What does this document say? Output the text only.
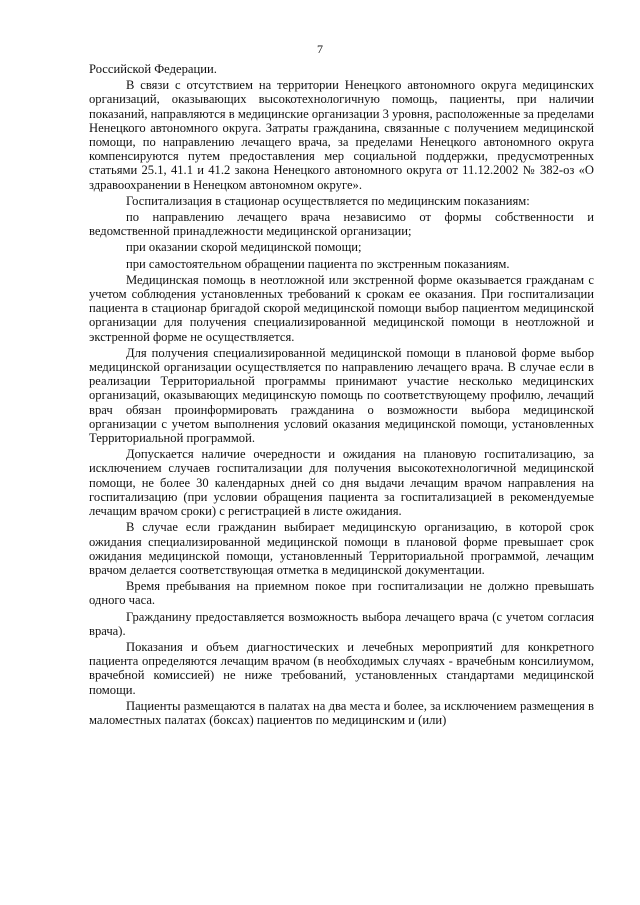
7

Российской Федерации.

В связи с отсутствием на территории Ненецкого автономного округа медицинских организаций, оказывающих высокотехнологичную помощь, пациенты, при наличии показаний, направляются в медицинские организации 3 уровня, расположенные за пределами Ненецкого автономного округа. Затраты гражданина, связанные с получением медицинской помощи, по направлению лечащего врача, за пределами Ненецкого автономного округа компенсируются путем предоставления мер социальной поддержки, предусмотренных статьями 25.1, 41.1 и 41.2 закона Ненецкого автономного округа от 11.12.2002 № 382-оз «О здравоохранении в Ненецком автономном округе».

Госпитализация в стационар осуществляется по медицинским показаниям:

по направлению лечащего врача независимо от формы собственности и ведомственной принадлежности медицинской организации;

при оказании скорой медицинской помощи;

при самостоятельном обращении пациента по экстренным показаниям.

Медицинская помощь в неотложной или экстренной форме оказывается гражданам с учетом соблюдения установленных требований к срокам ее оказания. При госпитализации пациента в стационар бригадой скорой медицинской помощи выбор пациентом медицинской организации для получения специализированной медицинской помощи в неотложной и экстренной форме не осуществляется.

Для получения специализированной медицинской помощи в плановой форме выбор медицинской организации осуществляется по направлению лечащего врача. В случае если в реализации Территориальной программы принимают участие несколько медицинских организаций, оказывающих медицинскую помощь по соответствующему профилю, лечащий врач обязан проинформировать гражданина о возможности выбора медицинской организации с учетом выполнения условий оказания медицинской помощи, установленных Территориальной программой.

Допускается наличие очередности и ожидания на плановую госпитализацию, за исключением случаев госпитализации для получения высокотехнологичной медицинской помощи, не более 30 календарных дней со дня выдачи лечащим врачом направления на госпитализацию (при условии обращения пациента за госпитализацией в рекомендуемые лечащим врачом сроки) с регистрацией в листе ожидания.

В случае если гражданин выбирает медицинскую организацию, в которой срок ожидания специализированной медицинской помощи в плановой форме превышает срок ожидания медицинской помощи, установленный Территориальной программой, лечащим врачом делается соответствующая отметка в медицинской документации.

Время пребывания на приемном покое при госпитализации не должно превышать одного часа.

Гражданину предоставляется возможность выбора лечащего врача (с учетом согласия врача).

Показания и объем диагностических и лечебных мероприятий для конкретного пациента определяются лечащим врачом (в необходимых случаях - врачебным консилиумом, врачебной комиссией) не ниже требований, установленных стандартами медицинской помощи.

Пациенты размещаются в палатах на два места и более, за исключением размещения в маломестных палатах (боксах) пациентов по медицинским и (или)
